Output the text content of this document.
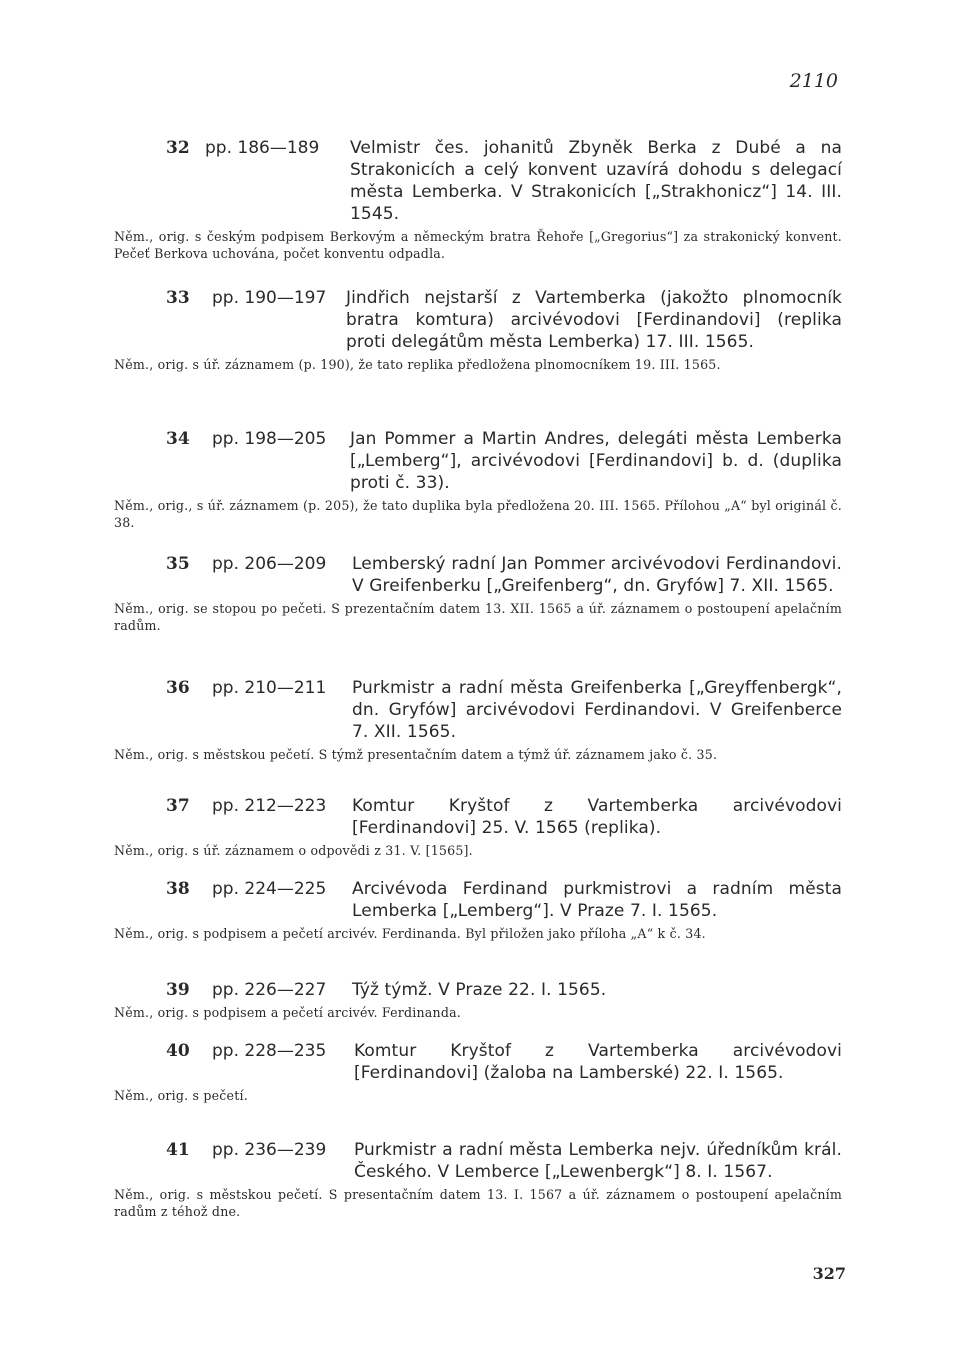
2110
32 pp. 186—189 Velmistr čes. johanitů Zbyněk Berka z Dubé a na Strakonicích a celý konvent uzavírá dohodu s delegací města Lemberka. V Strakonicích [„Strakhonicz“] 14. III. 1545.
Něm., orig. s českým podpisem Berkovým a německým bratra Řehoře [„Gregorius“] za strakonický konvent. Pečeť Berkova uchována, počet konventu odpadla.
33 pp. 190—197 Jindřich nejstarší z Vartemberka (jakožto plnomocník bratra komtura) arcivévodovi [Ferdinandovi] (replika proti delegátům města Lemberka) 17. III. 1565.
Něm., orig. s úř. záznamem (p. 190), že tato replika předložena plnomocníkem 19. III. 1565.
34 pp. 198—205 Jan Pommer a Martin Andres, delegáti města Lemberka [„Lemberg“], arcivévodovi [Ferdinandovi] b. d. (duplika proti č. 33).
Něm., orig., s úř. záznamem (p. 205), že tato duplika byla předložena 20. III. 1565. Přílohou „A“ byl originál č. 38.
35 pp. 206—209 Lemberský radní Jan Pommer arcivévodovi Ferdinandovi. V Greifenberku [„Greifenberg“, dn. Gryfów] 7. XII. 1565.
Něm., orig. se stopou po pečeti. S prezentačním datem 13. XII. 1565 a úř. záznamem o postoupení apelačním radům.
36 pp. 210—211 Purkmistr a radní města Greifenberka [„Greyffenbergk“, dn. Gryfów] arcivévodovi Ferdinandovi. V Greifenberce 7. XII. 1565.
Něm., orig. s městskou pečetí. S týmž presentačním datem a týmž úř. záznamem jako č. 35.
37 pp. 212—223 Komtur Kryštof z Vartemberka arcivévodovi [Ferdinandovi] 25. V. 1565 (replika).
Něm., orig. s úř. záznamem o odpovědi z 31. V. [1565].
38 pp. 224—225 Arcivévoda Ferdinand purkmistrovi a radním města Lemberka [„Lemberg“]. V Praze 7. I. 1565.
Něm., orig. s podpisem a pečetí arcivév. Ferdinanda. Byl přiložen jako příloha „A“ k č. 34.
39 pp. 226—227 Týž týmž. V Praze 22. I. 1565.
Něm., orig. s podpisem a pečetí arcivév. Ferdinanda.
40 pp. 228—235 Komtur Kryštof z Vartemberka arcivévodovi [Ferdinandovi] (žaloba na Lamberské) 22. I. 1565.
Něm., orig. s pečetí.
41 pp. 236—239 Purkmistr a radní města Lemberka nejv. úředníkům král. Českého. V Lemberce [„Lewenbergk“] 8. I. 1567.
Něm., orig. s městskou pečetí. S presentačním datem 13. I. 1567 a úř. záznamem o postoupení apelačním radům z téhož dne.
327
